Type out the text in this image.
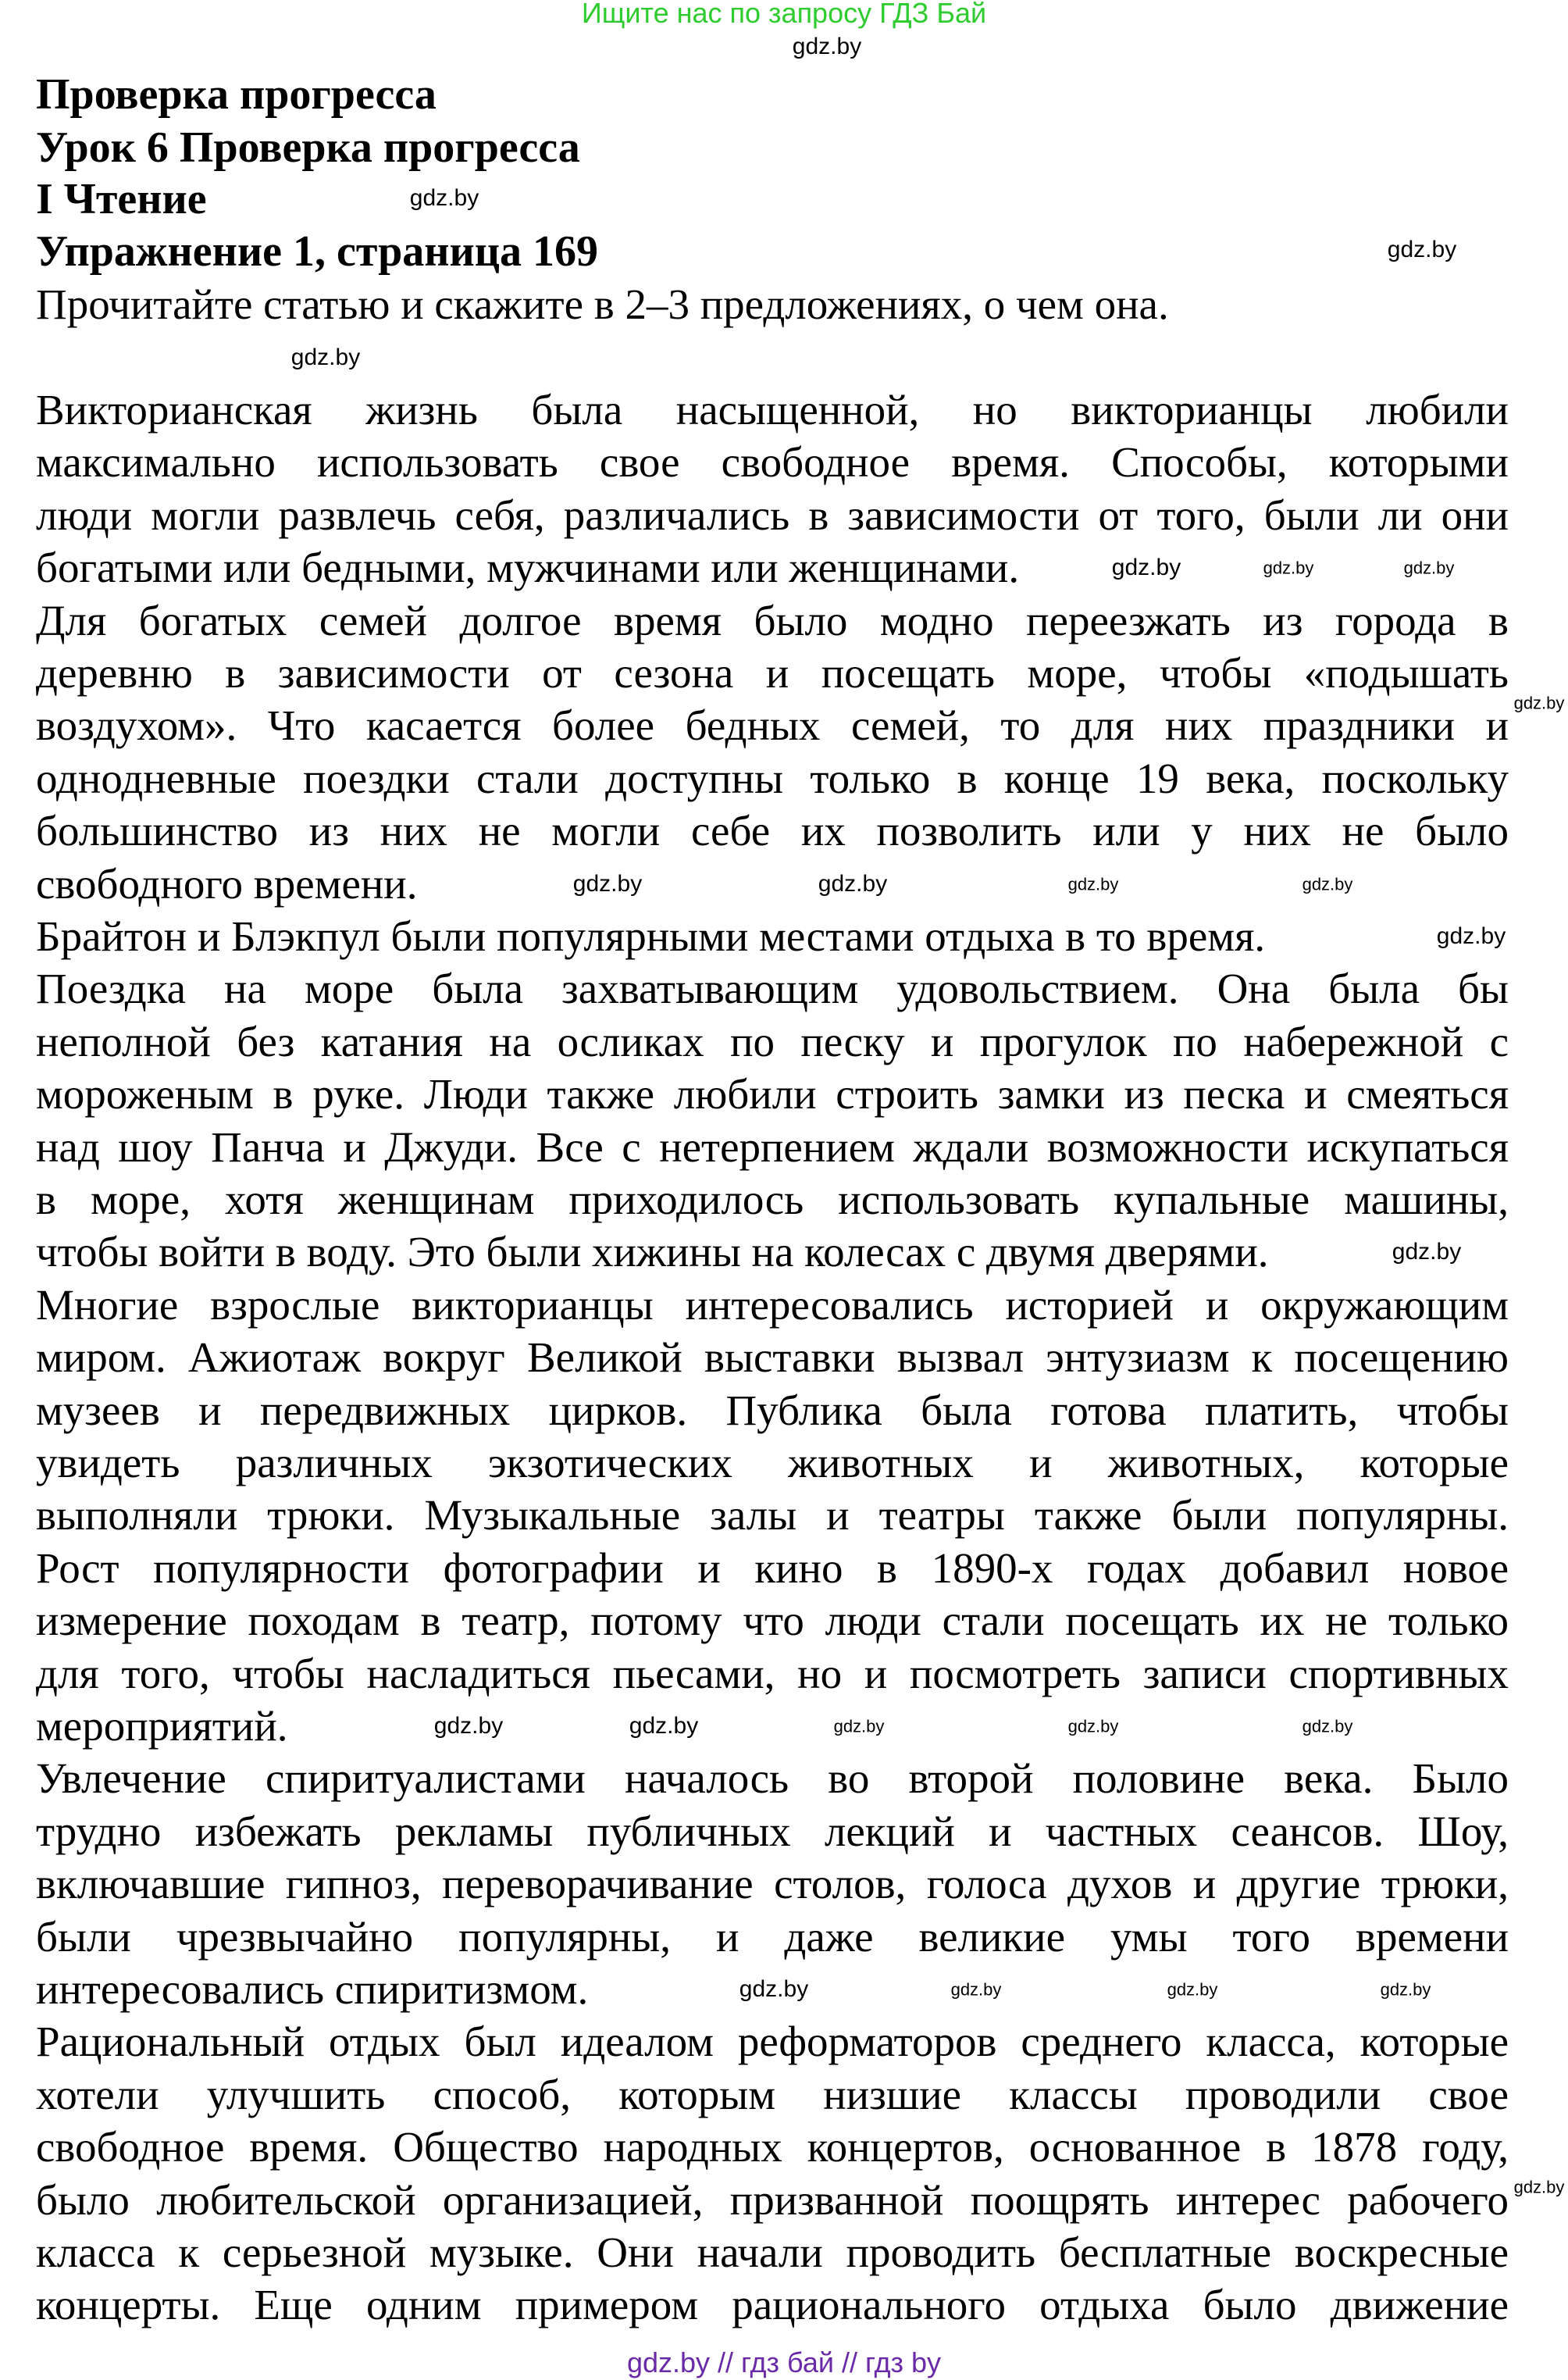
Ищите нас по запросу ГДЗ Бай
Проверка прогресса
Урок 6 Проверка прогресса
I Чтение
Упражнение 1, страница 169
Прочитайте статью и скажите в 2–3 предложениях, о чем она.
Викторианская жизнь была насыщенной, но викторианцы любили
максимально использовать свое свободное время. Способы, которыми
люди могли развлечь себя, различались в зависимости от того, были ли они
богатыми или бедными, мужчинами или женщинами.
Для богатых семей долгое время было модно переезжать из города в
деревню в зависимости от сезона и посещать море, чтобы «подышать
воздухом». Что касается более бедных семей, то для них праздники и
однодневные поездки стали доступны только в конце 19 века, поскольку
большинство из них не могли себе их позволить или у них не было
свободного времени.
Брайтон и Блэкпул были популярными местами отдыха в то время.
Поездка на море была захватывающим удовольствием. Она была бы
неполной без катания на осликах по песку и прогулок по набережной с
мороженым в руке. Люди также любили строить замки из песка и смеяться
над шоу Панча и Джуди. Все с нетерпением ждали возможности искупаться
в море, хотя женщинам приходилось использовать купальные машины,
чтобы войти в воду. Это были хижины на колесах с двумя дверями.
Многие взрослые викторианцы интересовались историей и окружающим
миром. Ажиотаж вокруг Великой выставки вызвал энтузиазм к посещению
музеев и передвижных цирков. Публика была готова платить, чтобы
увидеть различных экзотических животных и животных, которые
выполняли трюки. Музыкальные залы и театры также были популярны.
Рост популярности фотографии и кино в 1890-х годах добавил новое
измерение походам в театр, потому что люди стали посещать их не только
для того, чтобы насладиться пьесами, но и посмотреть записи спортивных
мероприятий.
Увлечение спиритуалистами началось во второй половине века. Было
трудно избежать рекламы публичных лекций и частных сеансов. Шоу,
включавшие гипноз, переворачивание столов, голоса духов и другие трюки,
были чрезвычайно популярны, и даже великие умы того времени
интересовались спиритизмом.
Рациональный отдых был идеалом реформаторов среднего класса, которые
хотели улучшить способ, которым низшие классы проводили свое
свободное время. Общество народных концертов, основанное в 1878 году,
было любительской организацией, призванной поощрять интерес рабочего
класса к серьезной музыке. Они начали проводить бесплатные воскресные
концерты. Еще одним примером рационального отдыха было движение
gdz.by
gdz.by
gdz.by
gdz.by
gdz.by	gdz.by	gdz.by
gdz.by	gdz.by	gdz.by	gdz.by
gdz.by
gdz.by
gdz.by	gdz.by	gdz.by	gdz.by	gdz.by
gdz.by	gdz.by	gdz.by	gdz.by
gdz.by
gdz.by
gdz.by // гдз бай // гдз by
